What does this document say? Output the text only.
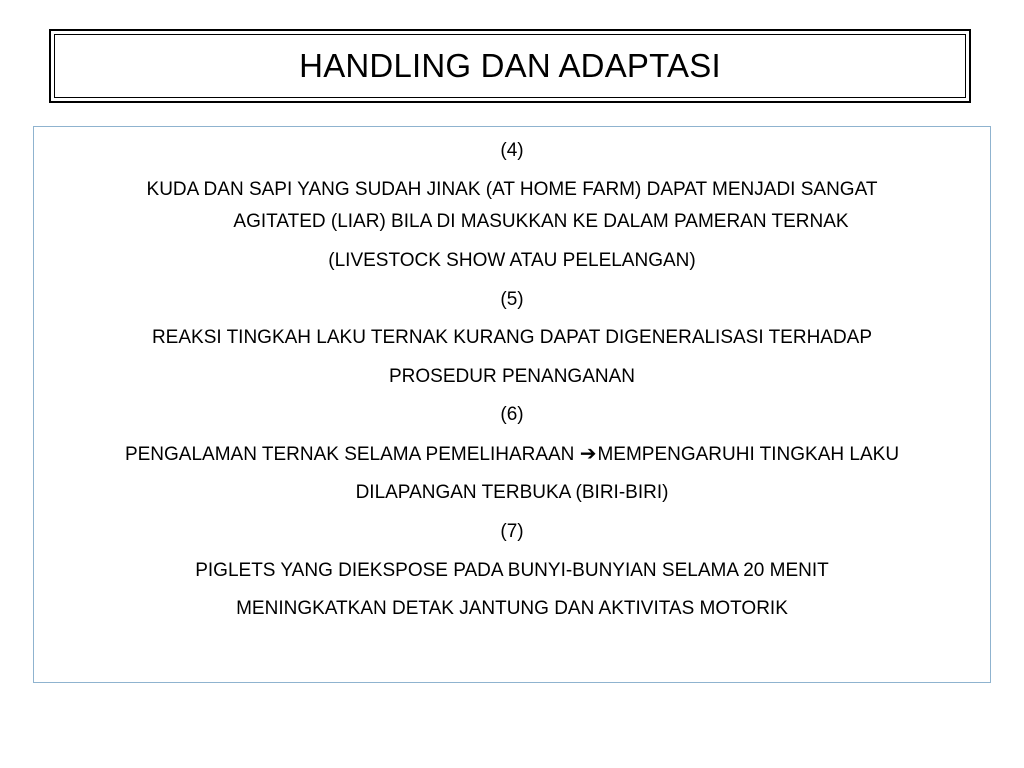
HANDLING DAN ADAPTASI
(4)
KUDA DAN SAPI YANG SUDAH JINAK (AT HOME FARM) DAPAT MENJADI SANGAT
AGITATED (LIAR) BILA DI MASUKKAN KE DALAM PAMERAN TERNAK
(LIVESTOCK SHOW ATAU PELELANGAN)
(5)
REAKSI TINGKAH LAKU TERNAK KURANG DAPAT DIGENERALISASI TERHADAP
PROSEDUR PENANGANAN
(6)
PENGALAMAN TERNAK SELAMA PEMELIHARAAN ➔MEMPENGARUHI TINGKAH LAKU
DILAPANGAN TERBUKA (BIRI-BIRI)
(7)
PIGLETS YANG DIEKSPOSE PADA BUNYI-BUNYIAN SELAMA 20 MENIT
MENINGKATKAN DETAK JANTUNG DAN AKTIVITAS MOTORIK
